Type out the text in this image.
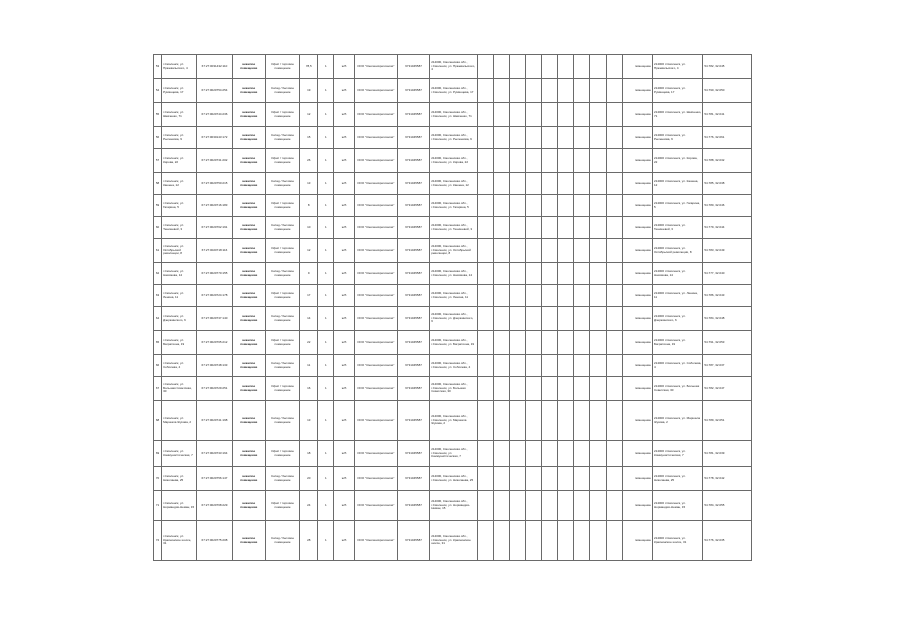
53	г.Смоленск, ул. Пржевальского, 4	67:27:0031432:110	нежилое помещение	Офис / торговое помещение	78,5	1	ж/б	ООО "Смоленскрегионгаз"	6731045587	214000, Смоленская обл., г.Смоленск, ул. Пржевальского, 4										помещение	214000 г.Смоленск, ул. Пржевальского, 4	54.782, 32.045
54	г.Смоленск, ул. Румянцева, 17	67:27:0020754:254	нежилое помещение	Склад / бытовое помещение	19	1	ж/б	ООО "Смоленскрегионгаз"	6731045587	214000, Смоленская обл., г.Смоленск, ул. Румянцева, 17										помещение	214000 г.Смоленск, ул. Румянцева, 17	54.790, 32.050
55	г.Смоленск, ул. Шевченко, 71	67:27:0020744:236	нежилое помещение	Офис / торговое помещение	12	1	ж/б	ООО "Смоленскрегионгаз"	6731045587	214000, Смоленская обл., г.Смоленск, ул. Шевченко, 71										помещение	214000 г.Смоленск, ул. Шевченко, 71	54.781, 32.041
56	г.Смоленск, ул. Рыленкова, 9	67:27:0030143:172	нежилое помещение	Склад / бытовое помещение	15	1	ж/б	ООО "Смоленскрегионгаз"	6731045587	214000, Смоленская обл., г.Смоленск, ул. Рыленкова, 9										помещение	214000 г.Смоленск, ул. Рыленкова, 9	54.776, 32.061
57	г.Смоленск, ул. Кирова, 22	67:27:0020731:202	нежилое помещение	Офис / торговое помещение	26	1	ж/б	ООО "Смоленскрегионгаз"	6731045587	214000, Смоленская обл., г.Смоленск, ул. Кирова, 22										помещение	214000 г.Смоленск, ул. Кирова, 22	54.788, 32.032
58	г.Смоленск, ул. Кашена, 12	67:27:0020750:215	нежилое помещение	Склад / бытовое помещение	13	1	ж/б	ООО "Смоленскрегионгаз"	6731045587	214000, Смоленская обл., г.Смоленск, ул. Кашена, 12										помещение	214000 г.Смоленск, ул. Кашена, 12	54.785, 32.038
59	г.Смоленск, ул. Гагарина, 5	67:27:0020716:183	нежилое помещение	Офис / торговое помещение	8	1	ж/б	ООО "Смоленскрегионгаз"	6731045587	214000, Смоленская обл., г.Смоленск, ул. Гагарина, 5										помещение	214000 г.Смоленск, ул. Гагарина, 5	54.780, 32.046
60	г.Смоленск, ул. Тенишевой, 3	67:27:0020762:191	нежилое помещение	Склад / бытовое помещение	10	1	ж/б	ООО "Смоленскрегионгаз"	6731045587	214000, Смоленская обл., г.Смоленск, ул. Тенишевой, 3										помещение	214000 г.Смоленск, ул. Тенишевой, 3	54.779, 32.044
61	г.Смоленск, ул. Октябрьской революции, 8	67:27:0020718:116	нежилое помещение	Офис / торговое помещение	12	1	ж/б	ООО "Смоленскрегионгаз"	6731045587	214000, Смоленская обл., г.Смоленск, ул. Октябрьской революции, 8										помещение	214000 г.Смоленск, ул. Октябрьской революции, 8	54.783, 32.049
62	г.Смоленск, ул. Нахимова, 14	67:27:0020770:155	нежилое помещение	Склад / бытовое помещение	9	1	ж/б	ООО "Смоленскрегионгаз"	6731045587	214000, Смоленская обл., г.Смоленск, ул. Нахимова, 14										помещение	214000 г.Смоленск, ул. Нахимова, 14	54.777, 32.040
63	г.Смоленск, ул. Ленина, 11	67:27:0020724:178	нежилое помещение	Офис / торговое помещение	17	1	ж/б	ООО "Смоленскрегионгаз"	6731045587	214000, Смоленская обл., г.Смоленск, ул. Ленина, 11										помещение	214000 г.Смоленск, ул. Ленина, 11	54.786, 32.043
64	г.Смоленск, ул. Дзержинского, 6	67:27:0020737:140	нежилое помещение	Склад / бытовое помещение	14	1	ж/б	ООО "Смоленскрегионгаз"	6731045587	214000, Смоленская обл., г.Смоленск, ул. Дзержинского, 6										помещение	214000 г.Смоленск, ул. Дзержинского, 6	54.784, 32.048
65	г.Смоленск, ул. Багратиона, 19	67:27:0020765:212	нежилое помещение	Офис / торговое помещение	22	1	ж/б	ООО "Смоленскрегионгаз"	6731045587	214000, Смоленская обл., г.Смоленск, ул. Багратиона, 19										помещение	214000 г.Смоленск, ул. Багратиона, 19	54.791, 32.053
66	г.Смоленск, ул. Соболева, 4	67:27:0020748:133	нежилое помещение	Склад / бытовое помещение	11	1	ж/б	ООО "Смоленскрегионгаз"	6731045587	214000, Смоленская обл., г.Смоленск, ул. Соболева, 4										помещение	214000 г.Смоленск, ул. Соболева, 4	54.787, 32.037
67	г.Смоленск, ул. Большая Советская, 30	67:27:0020729:251	нежилое помещение	Офис / торговое помещение	16	1	ж/б	ООО "Смоленскрегионгаз"	6731045587	214000, Смоленская обл., г.Смоленск, ул. Большая Советская, 30										помещение	214000 г.Смоленск, ул. Большая Советская, 30	54.782, 32.047
68	г.Смоленск, ул. Маршала Жукова, 2	67:27:0020741:198	нежилое помещение	Склад / бытовое помещение	13	1	ж/б	ООО "Смоленскрегионгаз"	6731045587	214000, Смоленская обл., г.Смоленск, ул. Маршала Жукова, 2										помещение	214000 г.Смоленск, ул. Маршала Жукова, 2	54.789, 32.051
69	г.Смоленск, ул. Коммунистическая, 7	67:27:0020733:164	нежилое помещение	Офис / торговое помещение	18	1	ж/б	ООО "Смоленскрегионгаз"	6731045587	214000, Смоленская обл., г.Смоленск, ул. Коммунистическая, 7										помещение	214000 г.Смоленск, ул. Коммунистическая, 7	54.781, 32.039
70	г.Смоленск, ул. Николаева, 25	67:27:0020756:147	нежилое помещение	Склад / бытовое помещение	20	1	ж/б	ООО "Смоленскрегионгаз"	6731045587	214000, Смоленская обл., г.Смоленск, ул. Николаева, 25										помещение	214000 г.Смоленск, ул. Николаева, 25	54.778, 32.042
71	г.Смоленск, ул. Нормандия-Неман, 15	67:27:0020768:229	нежилое помещение	Офис / торговое помещение	24	1	ж/б	ООО "Смоленскрегионгаз"	6731045587	214000, Смоленская обл., г.Смоленск, ул. Нормандия-Неман, 15										помещение	214000 г.Смоленск, ул. Нормандия-Неман, 15	54.784, 32.055
72	г.Смоленск, ул. Краснинское шоссе, 31	67:27:0020775:208	нежилое помещение	Склад / бытовое помещение	28	1	ж/б	ООО "Смоленскрегионгаз"	6731045587	214000, Смоленская обл., г.Смоленск, ул. Краснинское шоссе, 31										помещение	214000 г.Смоленск, ул. Краснинское шоссе, 31	54.776, 32.035
